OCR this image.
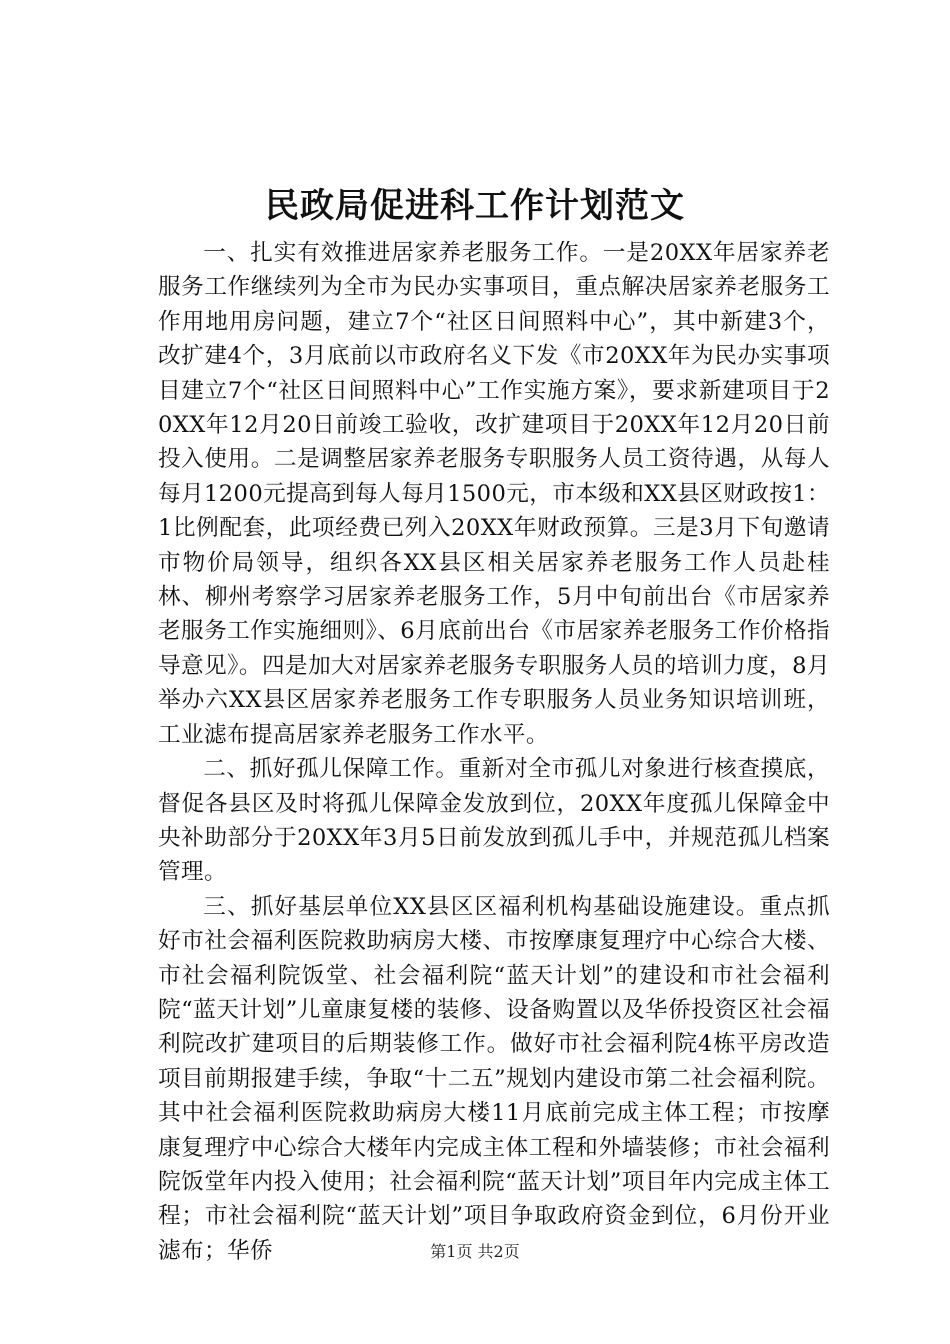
民政局促进科工作计划范文

一、扎实有效推进居家养老服务工作。一是20XX年居家养老服务工作继续列为全市为民办实事项目，重点解决居家养老服务工作用地用房问题，建立7个“社区日间照料中心”，其中新建3个，改扩建4个，3月底前以市政府名义下发《市20XX年为民办实事项目建立7个“社区日间照料中心”工作实施方案》，要求新建项目于20XX年12月20日前竣工验收，改扩建项目于20XX年12月20日前投入使用。二是调整居家养老服务专职服务人员工资待遇，从每人每月1200元提高到每人每月1500元，市本级和XX县区财政按1：1比例配套，此项经费已列入20XX年财政预算。三是3月下旬邀请市物价局领导，组织各XX县区相关居家养老服务工作人员赴桂林、柳州考察学习居家养老服务工作，5月中旬前出台《市居家养老服务工作实施细则》、6月底前出台《市居家养老服务工作价格指导意见》。四是加大对居家养老服务专职服务人员的培训力度，8月举办六XX县区居家养老服务工作专职服务人员业务知识培训班，工业滤布提高居家养老服务工作水平。

二、抓好孤儿保障工作。重新对全市孤儿对象进行核查摸底，督促各县区及时将孤儿保障金发放到位，20XX年度孤儿保障金中央补助部分于20XX年3月5日前发放到孤儿手中，并规范孤儿档案管理。

三、抓好基层单位XX县区区福利机构基础设施建设。重点抓好市社会福利医院救助病房大楼、市按摩康复理疗中心综合大楼、市社会福利院饭堂、社会福利院“蓝天计划”的建设和市社会福利院“蓝天计划”儿童康复楼的装修、设备购置以及华侨投资区社会福利院改扩建项目的后期装修工作。做好市社会福利院4栋平房改造项目前期报建手续，争取“十二五”规划内建设市第二社会福利院。其中社会福利医院救助病房大楼11月底前完成主体工程；市按摩康复理疗中心综合大楼年内完成主体工程和外墙装修；市社会福利院饭堂年内投入使用；社会福利院“蓝天计划”项目年内完成主体工程；市社会福利院“蓝天计划”项目争取政府资金到位，6月份开业滤布；华侨	第1页 共2页
